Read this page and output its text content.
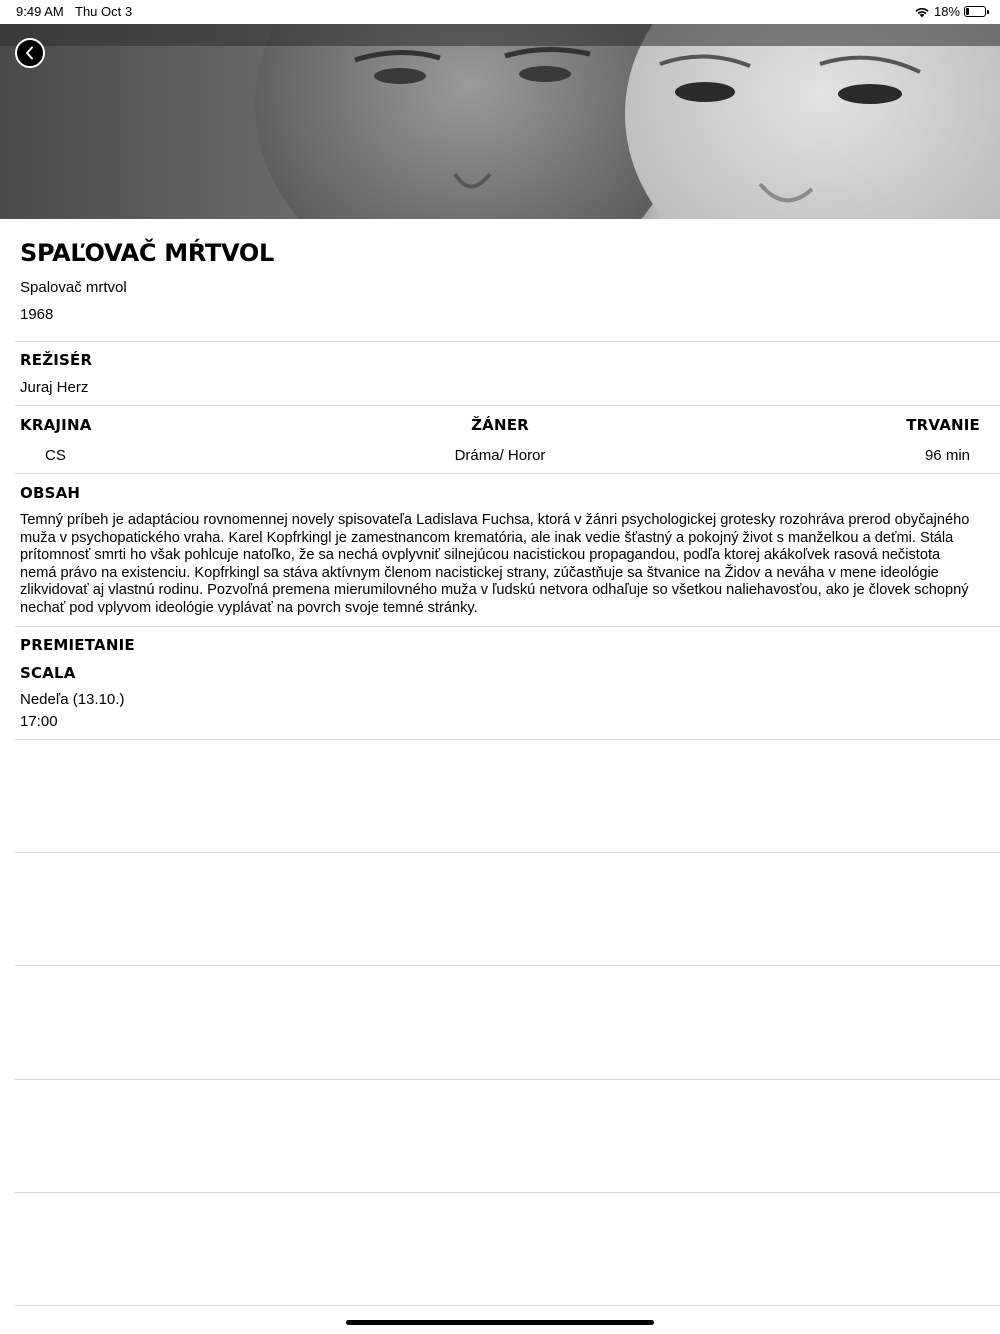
9:49 AM Thu Oct 3	18%
SPAĽOVAČ MŔTVOL
Spalovač mrtvol
1968
REŽISÉR
Juraj Herz
KRAJINA	ŽÁNER	TRVANIE
CS	Dráma/ Horor	96 min
OBSAH
Temný príbeh je adaptáciou rovnomennej novely spisovateľa Ladislava Fuchsa, ktorá v žánri psychologickej grotesky rozohráva prerod obyčajného muža v psychopatického vraha. Karel Kopfrkingl je zamestnancom krematória, ale inak vedie šťastný a pokojný život s manželkou a deťmi. Stála prítomnosť smrti ho však pohlcuje natoľko, že sa nechá ovplyvniť silnejúcou nacistickou propagandou, podľa ktorej akákoľvek rasová nečistota nemá právo na existenciu. Kopfrkingl sa stáva aktívnym členom nacistickej strany, zúčastňuje sa štvanice na Židov a neváha v mene ideológie zlikvidovať aj vlastnú rodinu. Pozvoľná premena mierumilovného muža v ľudskú netvora odhaľuje so všetkou naliehavosťou, ako je človek schopný nechať pod vplyvom ideológie vyplávať na povrch svoje temné stránky.
PREMIETANIE
SCALA
Nedeľa (13.10.)
17:00
